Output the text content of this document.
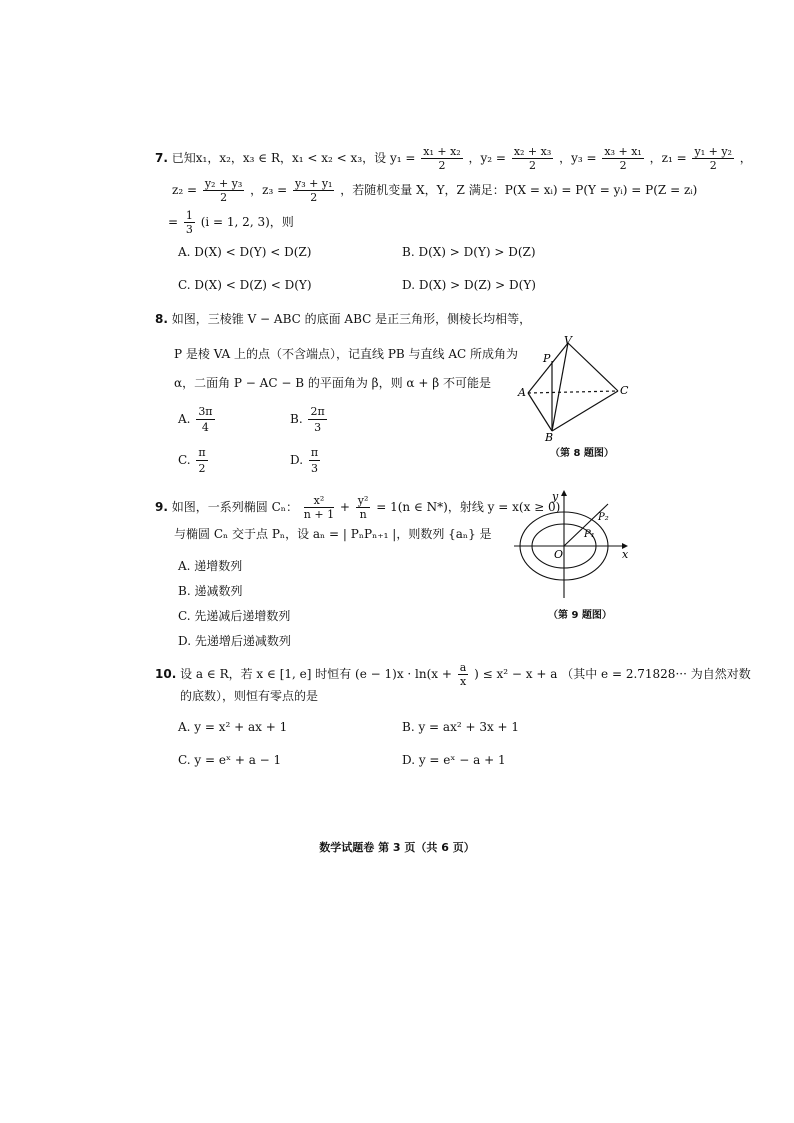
7. 已知x₁，x₂，x₃ ∈ R，x₁ < x₂ < x₃，设 $y_1 = \frac{\text{x₁ + x₂}}{2}$ ，$y_2 = \frac{\text{x₂ + x₃}}{2}$ ，$y_3 = \frac{\text{x₃ + x₁}}{2}$ ，$z_1 = \frac{\text{y₁ + y₂}}{2}$ ，
$z_2 = \frac{\text{y₂ + y₃}}{2}$ ，$z_3 = \frac{\text{y₃ + y₁}}{2}$ ，若随机变量 X，Y，Z 满足：P(X = xᵢ) = P(Y = yᵢ) = P(Z = zᵢ)
= $\frac{1}{3} (i = 1$, 2, 3)，则
A. D(X) < D(Y) < D(Z)	B. D(X) > D(Y) > D(Z)
C. D(X) < D(Z) < D(Y)	D. D(X) > D(Z) > D(Y)
8. 如图，三棱锥 V − ABC 的底面 ABC 是正三角形，侧棱长均相等，
P 是棱 VA 上的点（不含端点），记直线 PB 与直线 AC 所成角为
α，二面角 P − AC − B 的平面角为 β，则 α + β 不可能是
A. $\frac{3\pi}{4}$	B. $\frac{2\pi}{3}$
C. $\frac{\pi}{2}$	D. $\frac{\pi}{3}$
V
P
A	C
B
（第 8 题图）
9. 如图，一系列椭圆 Cₙ： $\frac{\text{x²}}{n + 1} + \frac{\text{y²}}{n} = 1(n$ ∈ N*)，射线 y = x(x ≥ 0)
与椭圆 Cₙ 交于点 Pₙ，设 aₙ = | PₙPₙ₊₁ |，则数列 {aₙ} 是
A. 递增数列
B. 递减数列
C. 先递减后递增数列
D. 先递增后递减数列
y
x
O
P₁
P₂
（第 9 题图）
10. 设 a ∈ R，若 x ∈ [1, e] 时恒有 $(e - 1)x \cdot \ln(x + \frac{a}{x}$ ) ≤ x² − x + a （其中 e = 2.71828··· 为自然对数
的底数），则恒有零点的是
A. y = x² + ax + 1	B. y = ax² + 3x + 1
C. y = eˣ + a − 1	D. y = eˣ − a + 1
数学试题卷 第 3 页（共 6 页）
